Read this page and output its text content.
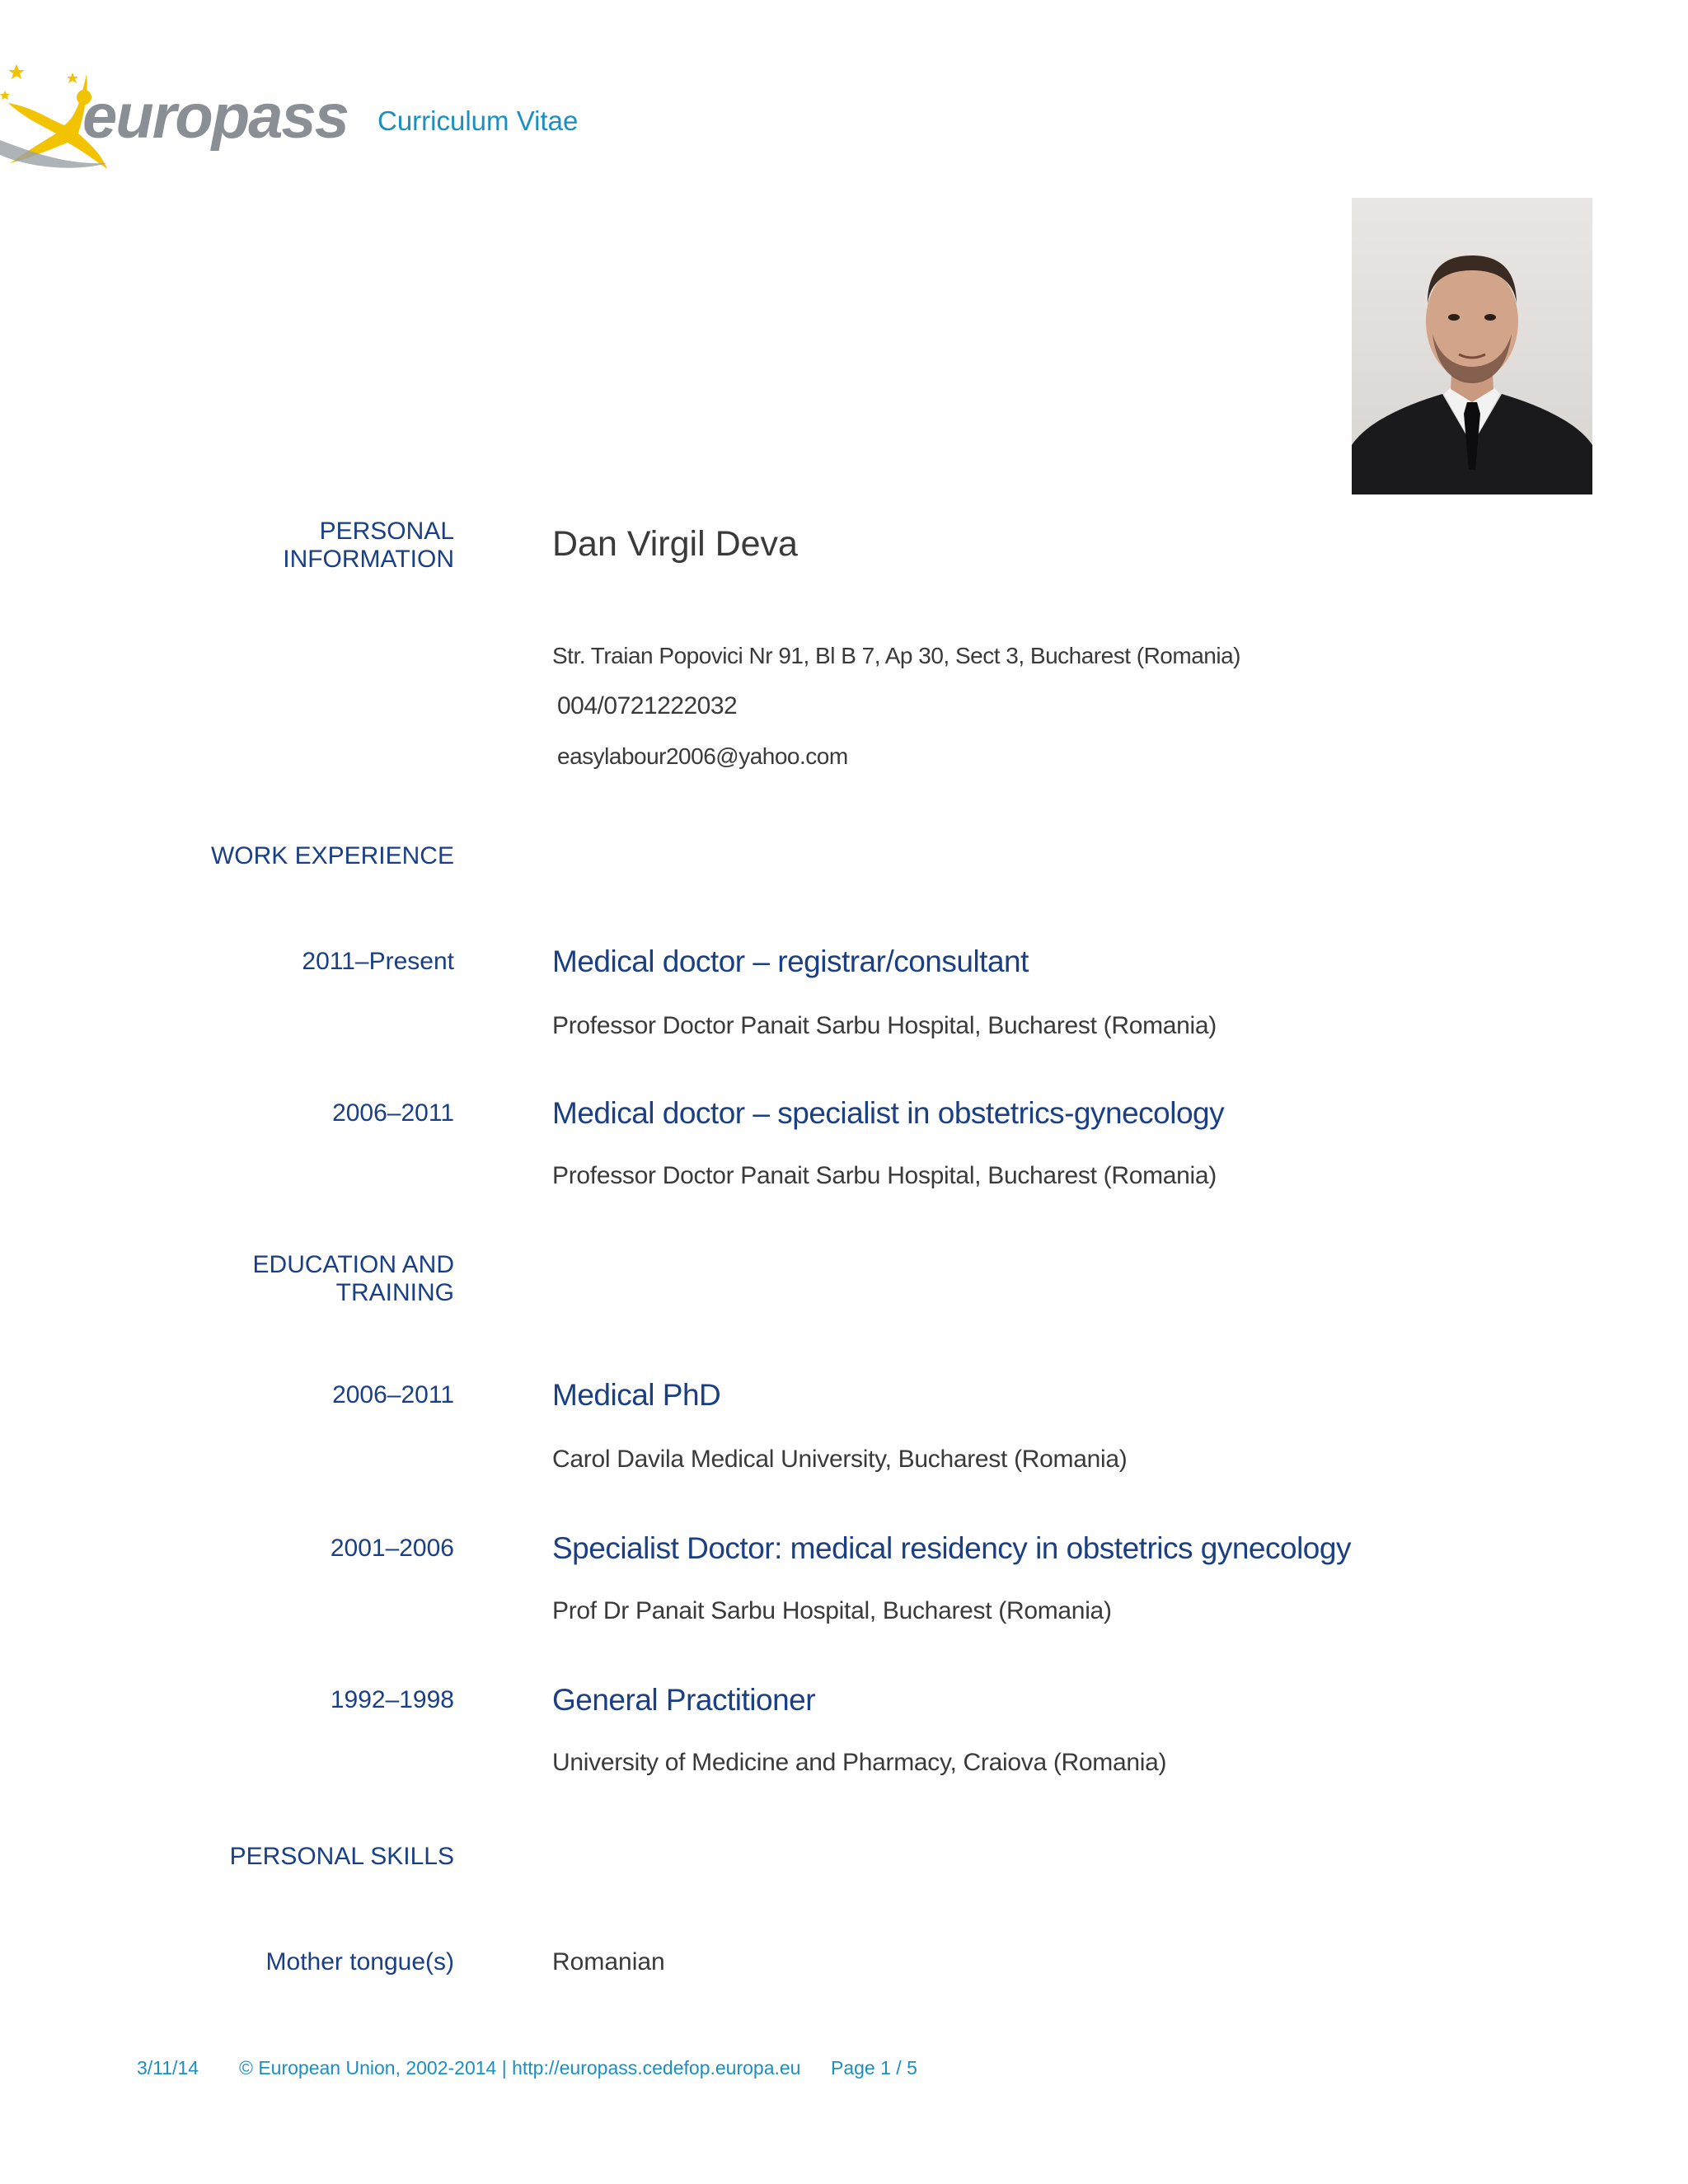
europass Curriculum Vitae
PERSONAL
INFORMATION	Dan Virgil Deva
Str. Traian Popovici Nr 91, Bl B 7, Ap 30, Sect 3, Bucharest (Romania)
004/0721222032
easylabour2006@yahoo.com
WORK EXPERIENCE
2011–Present	Medical doctor – registrar/consultant
Professor Doctor Panait Sarbu Hospital, Bucharest (Romania)
2006–2011	Medical doctor – specialist in obstetrics-gynecology
Professor Doctor Panait Sarbu Hospital, Bucharest (Romania)
EDUCATION AND
TRAINING
2006–2011	Medical PhD
Carol Davila Medical University, Bucharest (Romania)
2001–2006	Specialist Doctor: medical residency in obstetrics gynecology
Prof Dr Panait Sarbu Hospital, Bucharest (Romania)
1992–1998	General Practitioner
University of Medicine and Pharmacy, Craiova (Romania)
PERSONAL SKILLS
Mother tongue(s)	Romanian
3/11/14 © European Union, 2002-2014 | http://europass.cedefop.europa.eu Page 1 / 5
